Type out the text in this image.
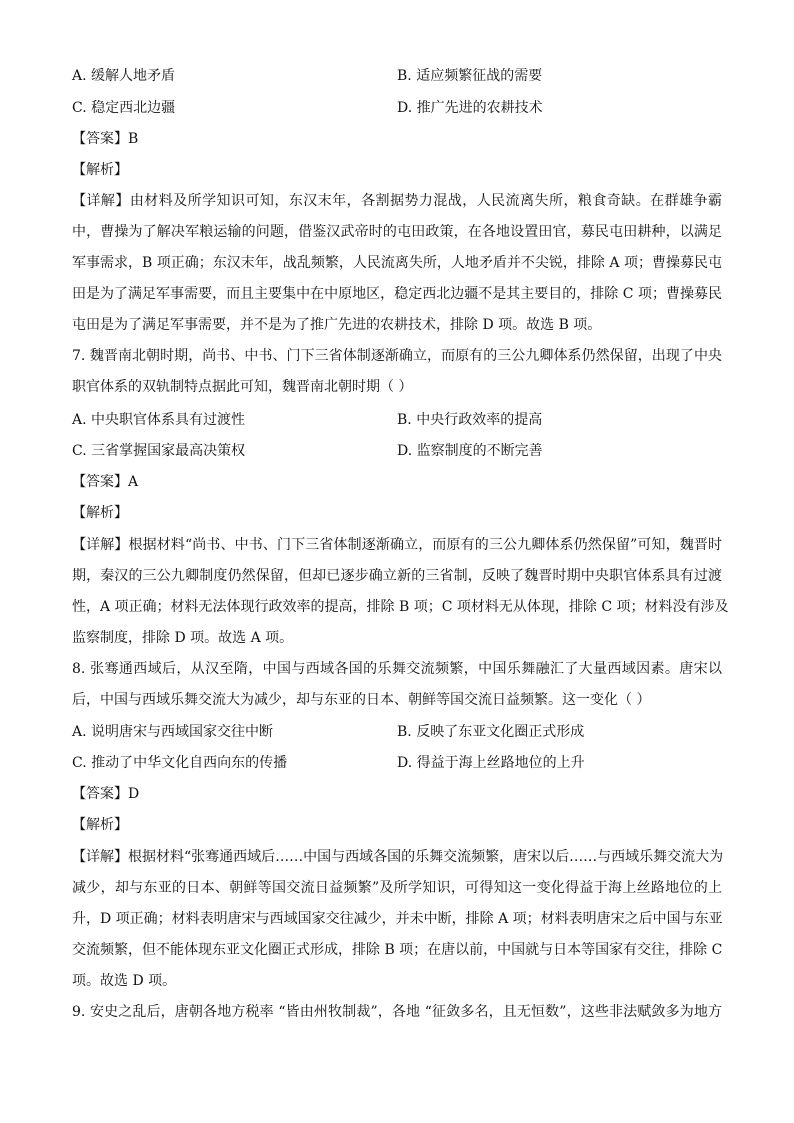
A. 缓解人地矛盾	B. 适应频繁征战的需要
C. 稳定西北边疆	D. 推广先进的农耕技术
【答案】B
【解析】
【详解】由材料及所学知识可知，东汉末年，各割据势力混战，人民流离失所，粮食奇缺。在群雄争霸
中，曹操为了解决军粮运输的问题，借鉴汉武帝时的屯田政策，在各地设置田官，募民屯田耕种，以满足
军事需求，B 项正确；东汉末年，战乱频繁，人民流离失所，人地矛盾并不尖锐，排除 A 项；曹操募民屯
田是为了满足军事需要，而且主要集中在中原地区，稳定西北边疆不是其主要目的，排除 C 项；曹操募民
屯田是为了满足军事需要，并不是为了推广先进的农耕技术，排除 D 项。故选 B 项。
7. 魏晋南北朝时期，尚书、中书、门下三省体制逐渐确立，而原有的三公九卿体系仍然保留，出现了中央
职官体系的双轨制特点据此可知，魏晋南北朝时期（ ）
A. 中央职官体系具有过渡性	B. 中央行政效率的提高
C. 三省掌握国家最高决策权	D. 监察制度的不断完善
【答案】A
【解析】
【详解】根据材料“尚书、中书、门下三省体制逐渐确立，而原有的三公九卿体系仍然保留”可知，魏晋时
期，秦汉的三公九卿制度仍然保留，但却已逐步确立新的三省制，反映了魏晋时期中央职官体系具有过渡
性，A 项正确；材料无法体现行政效率的提高，排除 B 项；C 项材料无从体现，排除 C 项；材料没有涉及
监察制度，排除 D 项。故选 A 项。
8. 张骞通西域后，从汉至隋，中国与西域各国的乐舞交流频繁，中国乐舞融汇了大量西域因素。唐宋以
后，中国与西域乐舞交流大为减少，却与东亚的日本、朝鲜等国交流日益频繁。这一变化（ ）
A. 说明唐宋与西域国家交往中断	B. 反映了东亚文化圈正式形成
C. 推动了中华文化自西向东的传播	D. 得益于海上丝路地位的上升
【答案】D
【解析】
【详解】根据材料“张骞通西域后……中国与西域各国的乐舞交流频繁，唐宋以后……与西域乐舞交流大为
减少，却与东亚的日本、朝鲜等国交流日益频繁”及所学知识，可得知这一变化得益于海上丝路地位的上
升，D 项正确；材料表明唐宋与西域国家交往减少，并未中断，排除 A 项；材料表明唐宋之后中国与东亚
交流频繁，但不能体现东亚文化圈正式形成，排除 B 项；在唐以前，中国就与日本等国家有交往，排除 C
项。故选 D 项。
9. 安史之乱后，唐朝各地方税率 “皆由州牧制裁”，各地 “征敛多名，且无恒数”，这些非法赋敛多为地方
